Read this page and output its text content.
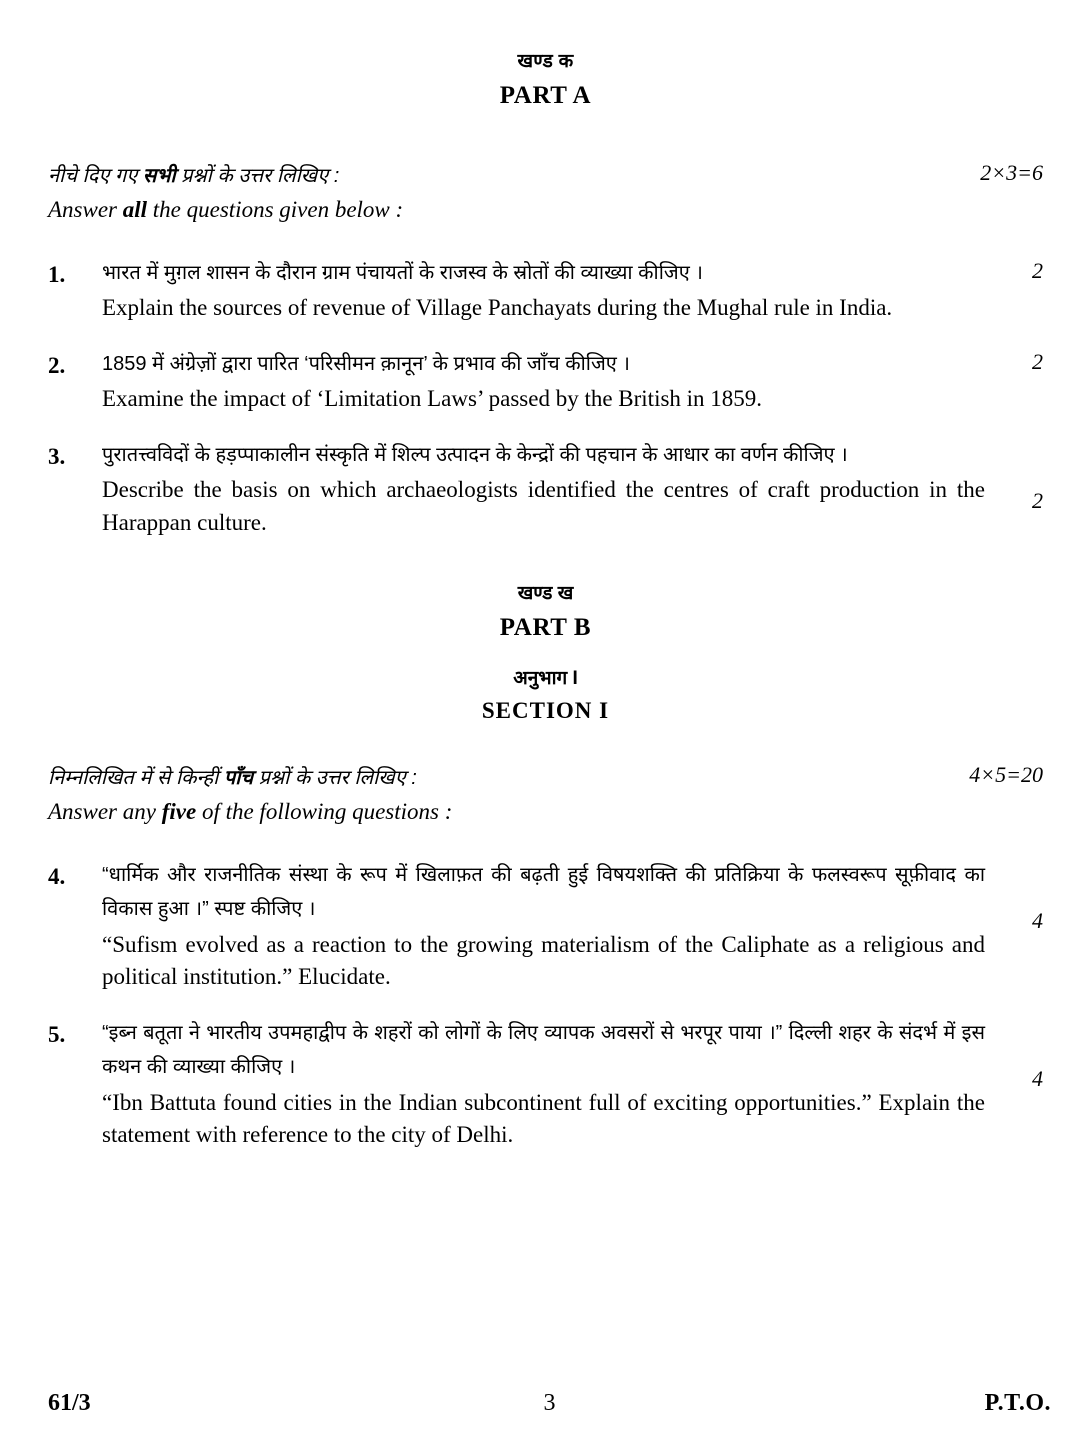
खण्ड क
PART A
नीचे दिए गए सभी प्रश्नों के उत्तर लिखिए :	2×3=6
Answer all the questions given below :
1.	भारत में मुग़ल शासन के दौरान ग्राम पंचायतों के राजस्व के स्रोतों की व्याख्या कीजिए ।
Explain the sources of revenue of Village Panchayats during the Mughal rule in India.
2
2.	1859 में अंग्रेज़ों द्वारा पारित ‘परिसीमन क़ानून’ के प्रभाव की जाँच कीजिए ।
Examine the impact of ‘Limitation Laws’ passed by the British in 1859.
2
3.	पुरातत्त्वविदों के हड़प्पाकालीन संस्कृति में शिल्प उत्पादन के केन्द्रों की पहचान के आधार का वर्णन कीजिए ।
Describe the basis on which archaeologists identified the centres of craft production in the Harappan culture.
2
खण्ड ख
PART B
अनुभाग I
SECTION I
निम्नलिखित में से किन्हीं पाँच प्रश्नों के उत्तर लिखिए :	4×5=20
Answer any five of the following questions :
4.	“धार्मिक और राजनीतिक संस्था के रूप में खिलाफ़त की बढ़ती हुई विषयशक्ति की प्रतिक्रिया के फलस्वरूप सूफ़ीवाद का विकास हुआ ।” स्पष्ट कीजिए ।
“Sufism evolved as a reaction to the growing materialism of the Caliphate as a religious and political institution.” Elucidate.
4
5.	“इब्न बतूता ने भारतीय उपमहाद्वीप के शहरों को लोगों के लिए व्यापक अवसरों से भरपूर पाया ।” दिल्ली शहर के संदर्भ में इस कथन की व्याख्या कीजिए ।
“Ibn Battuta found cities in the Indian subcontinent full of exciting opportunities.” Explain the statement with reference to the city of Delhi.
4
61/3	3	P.T.O.
